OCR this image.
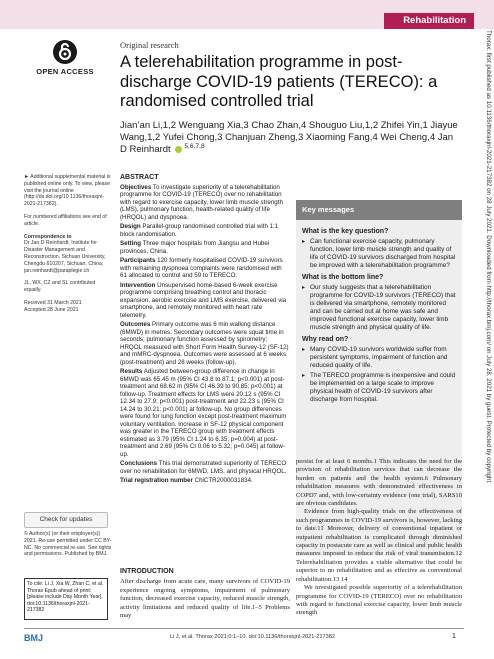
Rehabilitation
OPEN ACCESS	Thorax: first published as 10.1136/thoraxjnl-2021-217382 on 28 July 2021. Downloaded from http://thorax.bmj.com/ on July 28, 2021 by guest. Protected by copyright.
Original research
A telerehabilitation programme in post-discharge COVID-19 patients (TERECO): a randomised controlled trial
Jian’an Li,1,2 Wenguang Xia,3 Chao Zhan,4 Shouguo Liu,1,2 Zhifei Yin,1 Jiayue Wang,1,2 Yufei Chong,3 Chanjuan Zheng,3 Xiaoming Fang,4 Wei Cheng,4 Jan D Reinhardt $^{5,6,7,8}$

► Additional supplemental material is published online only. To view, please visit the journal online (http://dx.doi.org/10.1136/thoraxjnl-2021-217382).

For numbered affiliations see end of article.

Correspondence to
Dr Jan D Reinhardt, Institute for Disaster Management and Reconstruction, Sichuan University, Chengdu 610207, Sichuan, China; jan.reinhardt@paraplegie.ch

JL, WX, CZ and SL contributed equally.

Received 31 March 2021
Accepted 28 June 2021

Check for updates
© Author(s) (or their employer(s)) 2021. Re-use permitted under CC BY-NC. No commercial re-use. See rights and permissions. Published by BMJ.
To cite: Li J, Xia W, Zhan C, et al. Thorax Epub ahead of print: [please include Day Month Year]. doi:10.1136/thoraxjnl-2021-217382
ABSTRACT

Objectives To investigate superiority of a telerehabilitation programme for COVID-19 (TERECO) over no rehabilitation with regard to exercise capacity, lower limb muscle strength (LMS), pulmonary function, health-related quality of life (HRQOL) and dyspnoea.

Design Parallel-group randomised controlled trial with 1:1 block randomisation.

Setting Three major hospitals from Jiangsu and Hubei provinces, China.

Participants 120 formerly hospitalised COVID-19 survivors with remaining dyspnoea complaints were randomised with 61 allocated to control and 59 to TERECO.

Intervention Unsupervised home-based 6-week exercise programme comprising breathing control and thoracic expansion, aerobic exercise and LMS exercise, delivered via smartphone, and remotely monitored with heart rate telemetry.

Outcomes Primary outcome was 6 min walking distance (6MWD) in metres. Secondary outcomes were squat time in seconds; pulmonary function assessed by spirometry; HRQOL measured with Short Form Health Survey-12 (SF-12) and mMRC-dyspnoea. Outcomes were assessed at 6 weeks (post-treatment) and 28 weeks (follow-up).

Results Adjusted between-group difference in change in 6MWD was 65.45 m (95% CI 43.8 to 87.1; p<0.001) at post-treatment and 68.62 m (95% CI 46.39 to 90.85; p<0.001) at follow-up. Treatment effects for LMS were 20.12 s (95% CI 12.34 to 27.9; p<0.001) post-treatment and 22.23 s (95% CI 14.24 to 30.21; p<0.001) at follow-up. No group differences were found for lung function except post-treatment maximum voluntary ventilation. Increase in SF-12 physical component was greater in the TERECO group with treatment effects estimated as 3.79 (95% CI 1.24 to 6.35; p=0.004) at post-treatment and 2.69 (95% CI 0.06 to 5.32; p=0.045) at follow-up.

Conclusions This trial demonstrated superiority of TERECO over no rehabilitation for 6MWD, LMS, and physical HRQOL.

Trial registration number ChiCTR2000031834.

Key messages
What is the key question?
▸ Can functional exercise capacity, pulmonary function, lower limb muscle strength and quality of life of COVID-19 survivors discharged from hospital be improved with a telerehabilitation programme?
What is the bottom line?
▸ Our study suggests that a telerehabilitation programme for COVID-19 survivors (TERECO) that is delivered via smartphone, remotely monitored and can be carried out at home was safe and improved functional exercise capacity, lower limb muscle strength and physical quality of life.
Why read on?
▸ Many COVID-19 survivors worldwide suffer from persistent symptoms, impairment of function and reduced quality of life.
▸ The TERECO programme is inexpensive and could be implemented on a large scale to improve physical health of COVID-19 survivors after discharge from hospital.

persist for at least 6 months.1 This indicates the need for the provision of rehabilitation services that can decrease the burden on patients and the health system.6 Pulmonary rehabilitation measures with demonstrated effectiveness in COPD7 and, with low-certainty evidence (one trial), SARS10 are obvious candidates.

Evidence from high-quality trials on the effectiveness of such programmes in COVID-19 survivors is, however, lacking to date.11 Moreover, delivery of conventional inpatient or outpatient rehabilitation is complicated through diminished capacity in postacute care as well as clinical and public health measures imposed to reduce the risk of viral transmission.12 Telerehabilitation provides a viable alternative that could be superior to no rehabilitation and as effective as conventional rehabilitation.13 14

We investigated possible superiority of a telerehabilitation programme for COVID-19 (TERECO) over no rehabilitation with regard to functional exercise capacity, lower limb muscle strength

INTRODUCTION
After discharge from acute care, many survivors of COVID-19 experience ongoing symptoms, impairment of pulmonary function, decreased exercise capacity, reduced muscle strength, activity limitations and reduced quality of life.1–5 Problems may
BMJ	Li J, et al. Thorax 2021;0:1–10. doi:10.1136/thoraxjnl-2021-217382	1
